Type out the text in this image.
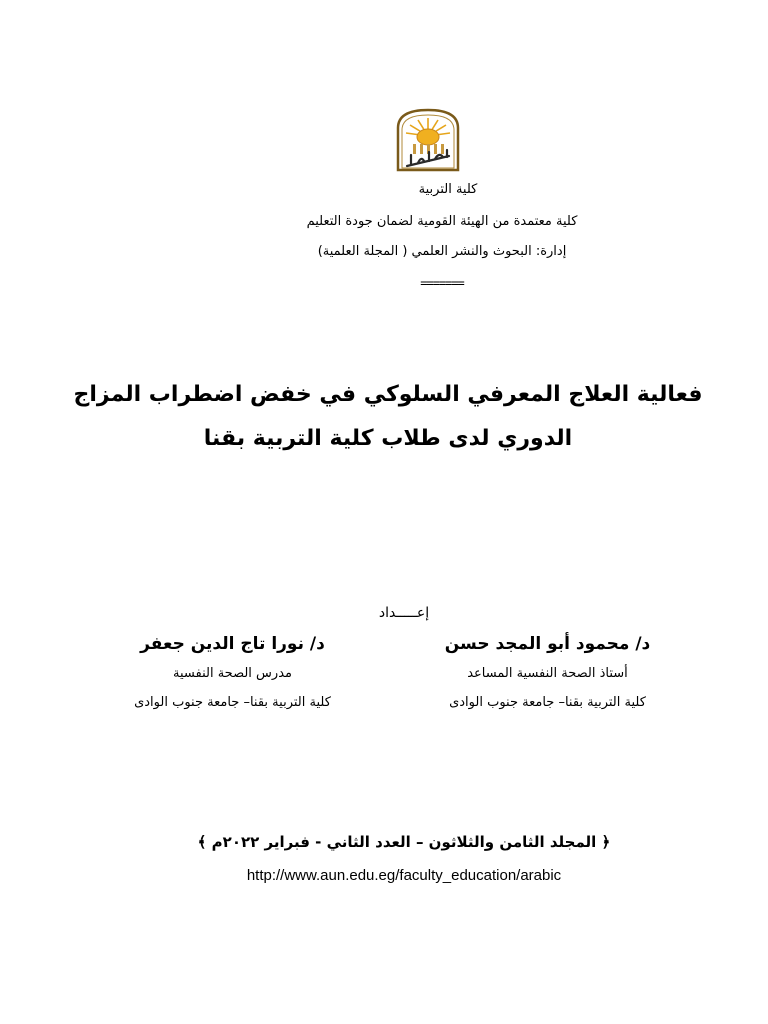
كلية التربية
كلية معتمدة من الهيئة القومية لضمان جودة التعليم
إدارة: البحوث والنشر العلمي ( المجلة العلمية)
=======
فعالية العلاج المعرفي السلوكي في خفض اضطراب المزاج
الدوري لدى طلاب كلية التربية بقنا
إعـــــداد
د/ محمود أبو المجد حسن
أستاذ الصحة النفسية المساعد
كلية التربية بقنا– جامعة جنوب الوادى
د/ نورا تاج الدين جعفر
مدرس الصحة النفسية
كلية التربية بقنا– جامعة جنوب الوادى
﴿ المجلد الثامن والثلاثون – العدد الثاني - فبراير ٢٠٢٢م ﴾
http://www.aun.edu.eg/faculty_education/arabic
